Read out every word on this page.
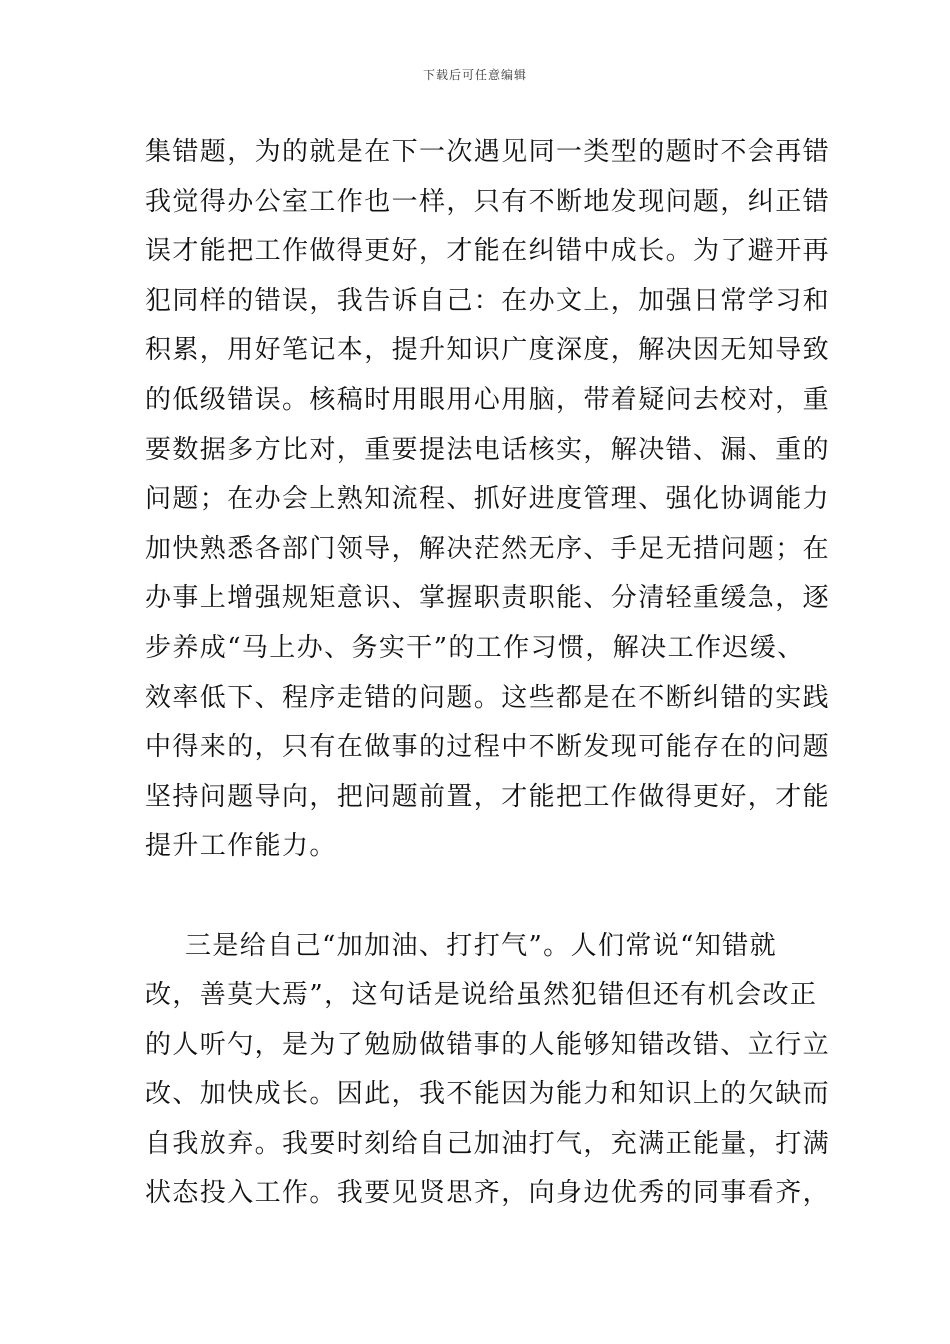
下载后可任意编辑
集错题，为的就是在下一次遇见同一类型的题时不会再错
我觉得办公室工作也一样，只有不断地发现问题，纠正错
误才能把工作做得更好，才能在纠错中成长。为了避开再
犯同样的错误，我告诉自己：在办文上，加强日常学习和
积累，用好笔记本，提升知识广度深度，解决因无知导致
的低级错误。核稿时用眼用心用脑，带着疑问去校对，重
要数据多方比对，重要提法电话核实，解决错、漏、重的
问题；在办会上熟知流程、抓好进度管理、强化协调能力
加快熟悉各部门领导，解决茫然无序、手足无措问题；在
办事上增强规矩意识、掌握职责职能、分清轻重缓急，逐
步养成“马上办、务实干”的工作习惯，解决工作迟缓、
效率低下、程序走错的问题。这些都是在不断纠错的实践
中得来的，只有在做事的过程中不断发现可能存在的问题
坚持问题导向，把问题前置，才能把工作做得更好，才能
提升工作能力。
三是给自己“加加油、打打气”。人们常说“知错就
改，善莫大焉”，这句话是说给虽然犯错但还有机会改正
的人听勺，是为了勉励做错事的人能够知错改错、立行立
改、加快成长。因此，我不能因为能力和知识上的欠缺而
自我放弃。我要时刻给自己加油打气，充满正能量，打满
状态投入工作。我要见贤思齐，向身边优秀的同事看齐，
